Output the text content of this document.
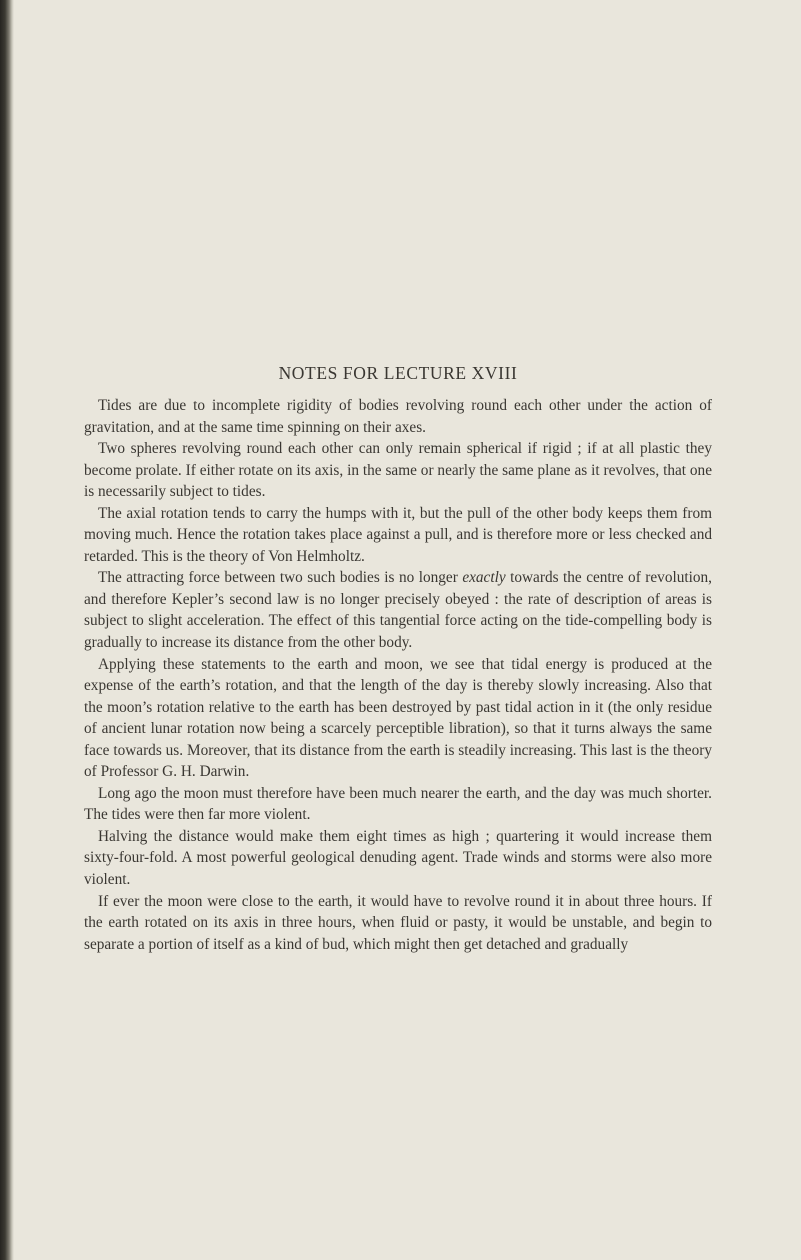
NOTES FOR LECTURE XVIII

Tides are due to incomplete rigidity of bodies revolving round each other under the action of gravitation, and at the same time spinning on their axes.

Two spheres revolving round each other can only remain spherical if rigid ; if at all plastic they become prolate. If either rotate on its axis, in the same or nearly the same plane as it revolves, that one is necessarily subject to tides.

The axial rotation tends to carry the humps with it, but the pull of the other body keeps them from moving much. Hence the rotation takes place against a pull, and is therefore more or less checked and retarded. This is the theory of Von Helmholtz.

The attracting force between two such bodies is no longer exactly towards the centre of revolution, and therefore Kepler’s second law is no longer precisely obeyed : the rate of description of areas is subject to slight acceleration. The effect of this tangential force acting on the tide-compelling body is gradually to increase its distance from the other body.

Applying these statements to the earth and moon, we see that tidal energy is produced at the expense of the earth’s rotation, and that the length of the day is thereby slowly increasing. Also that the moon’s rotation relative to the earth has been destroyed by past tidal action in it (the only residue of ancient lunar rotation now being a scarcely perceptible libration), so that it turns always the same face towards us. Moreover, that its distance from the earth is steadily increasing. This last is the theory of Professor G. H. Darwin.

Long ago the moon must therefore have been much nearer the earth, and the day was much shorter. The tides were then far more violent.

Halving the distance would make them eight times as high ; quartering it would increase them sixty-four-fold. A most powerful geological denuding agent. Trade winds and storms were also more violent.

If ever the moon were close to the earth, it would have to revolve round it in about three hours. If the earth rotated on its axis in three hours, when fluid or pasty, it would be unstable, and begin to separate a portion of itself as a kind of bud, which might then get detached and gradually
